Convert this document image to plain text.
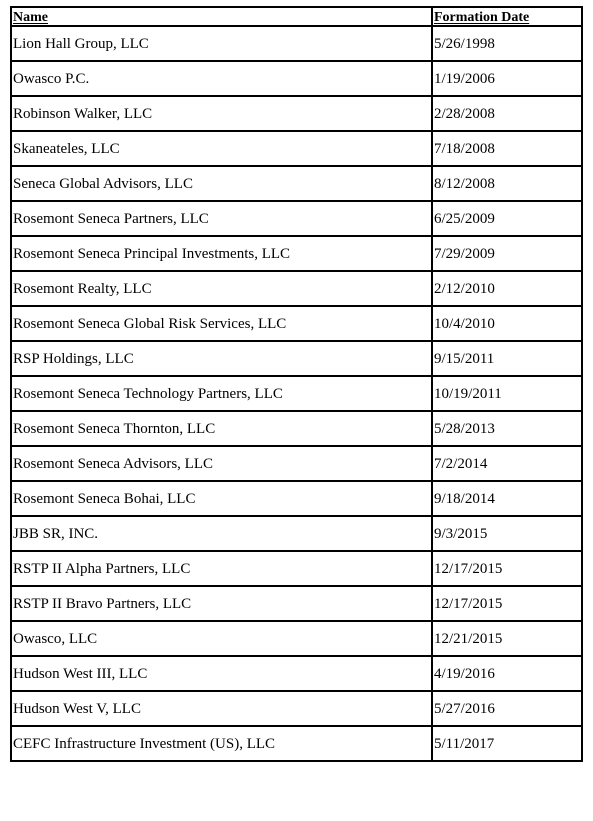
Name	Formation Date
Lion Hall Group, LLC	5/26/1998
Owasco P.C.	1/19/2006
Robinson Walker, LLC	2/28/2008
Skaneateles, LLC	7/18/2008
Seneca Global Advisors, LLC	8/12/2008
Rosemont Seneca Partners, LLC	6/25/2009
Rosemont Seneca Principal Investments, LLC	7/29/2009
Rosemont Realty, LLC	2/12/2010
Rosemont Seneca Global Risk Services, LLC	10/4/2010
RSP Holdings, LLC	9/15/2011
Rosemont Seneca Technology Partners, LLC	10/19/2011
Rosemont Seneca Thornton, LLC	5/28/2013
Rosemont Seneca Advisors, LLC	7/2/2014
Rosemont Seneca Bohai, LLC	9/18/2014
JBB SR, INC.	9/3/2015
RSTP II Alpha Partners, LLC	12/17/2015
RSTP II Bravo Partners, LLC	12/17/2015
Owasco, LLC	12/21/2015
Hudson West III, LLC	4/19/2016
Hudson West V, LLC	5/27/2016
CEFC Infrastructure Investment (US), LLC	5/11/2017
